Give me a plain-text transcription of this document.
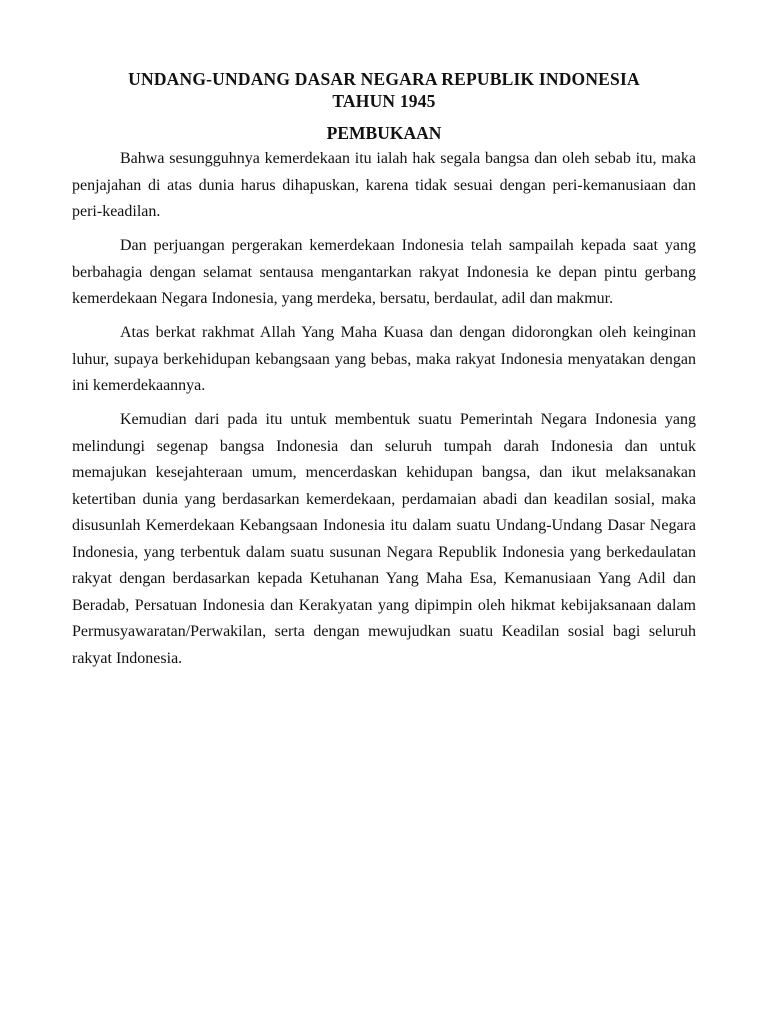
UNDANG-UNDANG DASAR NEGARA REPUBLIK INDONESIA
TAHUN 1945
PEMBUKAAN

Bahwa sesungguhnya kemerdekaan itu ialah hak segala bangsa dan oleh sebab itu, maka penjajahan di atas dunia harus dihapuskan, karena tidak sesuai dengan peri-kemanusiaan dan peri-keadilan.

Dan perjuangan pergerakan kemerdekaan Indonesia telah sampailah kepada saat yang berbahagia dengan selamat sentausa mengantarkan rakyat Indonesia ke depan pintu gerbang kemerdekaan Negara Indonesia, yang merdeka, bersatu, berdaulat, adil dan makmur.

Atas berkat rakhmat Allah Yang Maha Kuasa dan dengan didorongkan oleh keinginan luhur, supaya berkehidupan kebangsaan yang bebas, maka rakyat Indonesia menyatakan dengan ini kemerdekaannya.

Kemudian dari pada itu untuk membentuk suatu Pemerintah Negara Indonesia yang melindungi segenap bangsa Indonesia dan seluruh tumpah darah Indonesia dan untuk memajukan kesejahteraan umum, mencerdaskan kehidupan bangsa, dan ikut melaksanakan ketertiban dunia yang berdasarkan kemerdekaan, perdamaian abadi dan keadilan sosial, maka disusunlah Kemerdekaan Kebangsaan Indonesia itu dalam suatu Undang-Undang Dasar Negara Indonesia, yang terbentuk dalam suatu susunan Negara Republik Indonesia yang berkedaulatan rakyat dengan berdasarkan kepada Ketuhanan Yang Maha Esa, Kemanusiaan Yang Adil dan Beradab, Persatuan Indonesia dan Kerakyatan yang dipimpin oleh hikmat kebijaksanaan dalam Permusyawaratan/Perwakilan, serta dengan mewujudkan suatu Keadilan sosial bagi seluruh rakyat Indonesia.
